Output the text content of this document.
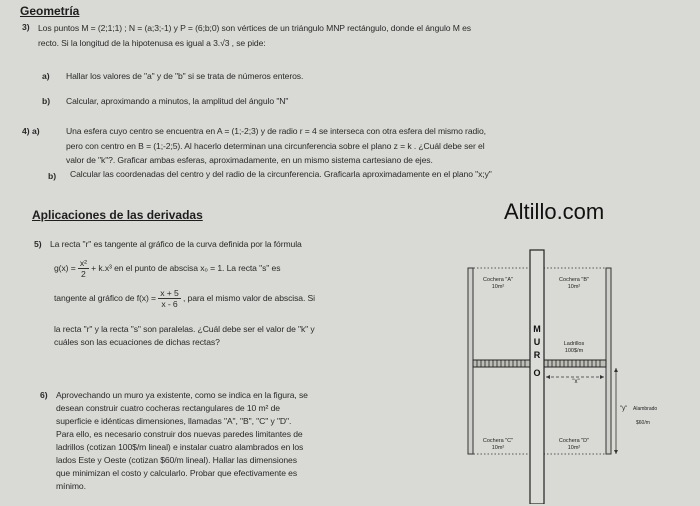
Geometría
3) Los puntos M = (2;1;1) ; N = (a;3;-1) y P = (6;b;0) son vértices de un triángulo MNP rectángulo, donde el ángulo M es
recto. Si la longitud de la hipotenusa es igual a 3.√3 , se pide:
a) Hallar los valores de "a" y de "b" si se trata de números enteros.
b) Calcular, aproximando a minutos, la amplitud del ángulo "N"
4) a)	Una esfera cuyo centro se encuentra en A = (1;-2;3) y de radio r = 4 se interseca con otra esfera del mismo radio,
pero con centro en B = (1;-2;5). Al hacerlo determinan una circunferencia sobre el plano z = k . ¿Cuál debe ser el
valor de "k"?. Graficar ambas esferas, aproximadamente, en un mismo sistema cartesiano de ejes.
b) Calcular las coordenadas del centro y del radio de la circunferencia. Graficarla aproximadamente en el plano "x;y"
Aplicaciones de las derivadas	Altillo.com
5) La recta "r" es tangente al gráfico de la curva definida por la fórmula
$g(x) = \frac{\text{x²}}{2} + k.x^3$ en el punto de abscisa x₀ = 1. La recta "s" es
tangente al gráfico de $f(x) = \frac{x + 5}{x - 6}$ , para el mismo valor de abscisa. Si
la recta "r" y la recta "s" son paralelas. ¿Cuál debe ser el valor de "k" y
cuáles son las ecuaciones de dichas rectas?
6) Aprovechando un muro ya existente, como se indica en la figura, se
desean construir cuatro cocheras rectangulares de 10 m² de
superficie e idénticas dimensiones, llamadas "A", "B", "C" y "D".
Para ello, es necesario construir dos nuevas paredes limitantes de
ladrillos (cotizan 100$/m lineal) e instalar cuatro alambrados en los
lados Este y Oeste (cotizan $60/m lineal). Hallar las dimensiones
que minimizan el costo y calcularlo. Probar que efectivamente es
mínimo.
M
U
R
O
Cochera "A"
10m²
Cochera "B"
10m²
Cochera "C"
10m²
Cochera "D"
10m²
Ladrillos
100$/m
"x"
"y" Alambrado
$60/m
